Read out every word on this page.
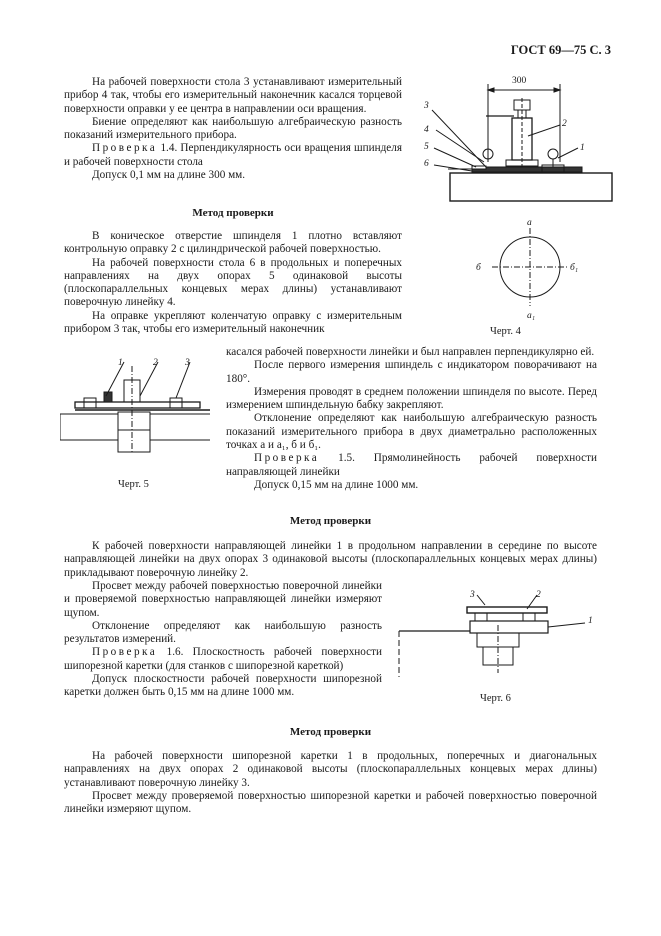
ГОСТ 69—75 С. 3

На рабочей поверхности стола 3 устанавливают измерительный прибор 4 так, чтобы его измерительный наконечник касался торцевой поверхности оправки у ее центра в направлении оси вращения.

Биение определяют как наибольшую алгебраическую разность показаний измерительного прибора.

Проверка 1.4. Перпендикулярность оси вращения шпинделя и рабочей поверхности стола

Допуск 0,1 мм на длине 300 мм.

Метод проверки

В коническое отверстие шпинделя 1 плотно вставляют контрольную оправку 2 с цилиндрической рабочей поверхностью.

На рабочей поверхности стола 6 в продольных и поперечных направлениях на двух опорах 5 одинаковой высоты (плоскопараллельных концевых мерах длины) устанавливают поверочную линейку 4.

На оправке укрепляют коленчатую оправку с измерительным прибором 3 так, чтобы его измерительный наконечник

касался рабочей поверхности линейки и был направлен перпендикулярно ей.

После первого измерения шпиндель с индикатором поворачивают на 180°.

Измерения проводят в среднем положении шпинделя по высоте. Перед измерением шпиндельную бабку закрепляют.

Отклонение определяют как наибольшую алгебраическую разность показаний измерительного прибора в двух диаметрально расположенных точках а и а₁, б и б₁.

Проверка 1.5. Прямолинейность рабочей поверхности направляющей линейки

Допуск 0,15 мм на длине 1000 мм.

300
3
4
5
6
2
1
а
а₁
б	б₁
Черт. 4
1	2	3
Черт. 5
Метод проверки

К рабочей поверхности направляющей линейки 1 в продольном направлении в середине по высоте направляющей линейки на двух опорах 3 одинаковой высоты (плоскопараллельных концевых мерах длины) прикладывают поверочную линейку 2.

Просвет между рабочей поверхностью поверочной линейки и проверяемой поверхностью направляющей линейки измеряют щупом.

Отклонение определяют как наибольшую разность результатов измерений.

Проверка 1.6. Плоскостность рабочей поверхности шипорезной каретки (для станков с шипорезной кареткой)

Допуск плоскостности рабочей поверхности шипорезной каретки должен быть 0,15 мм на длине 1000 мм.

3	2
1
Черт. 6
Метод проверки

На рабочей поверхности шипорезной каретки 1 в продольных, поперечных и диагональных направлениях на двух опорах 2 одинаковой высоты (плоскопараллельных концевых мерах длины) устанавливают поверочную линейку 3.

Просвет между проверяемой поверхностью шипорезной каретки и рабочей поверхностью поверочной линейки измеряют щупом.
